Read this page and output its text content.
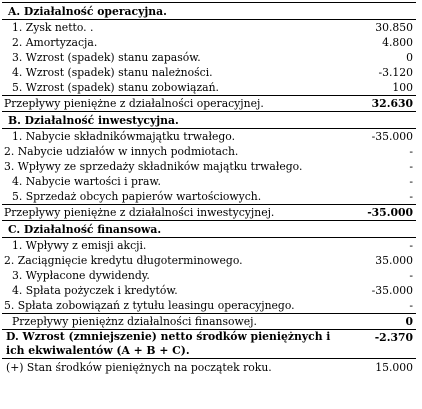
A. Działalność operacyjna.	
1. Zysk netto. .	30.850
2. Amortyzacja.	4.800
3. Wzrost (spadek) stanu zapasów.	0
4. Wzrost (spadek) stanu należności.	-3.120
5. Wzrost (spadek) stanu zobowiązań.	100
Przepływy pieniężne z działalności operacyjnej.	32.630
B. Działalność inwestycyjna.	
1. Nabycie składnikówmajątku trwałego.	-35.000
2. Nabycie udziałów w innych podmiotach.	-
3. Wpływy ze sprzedaży składników majątku trwałego.	-
4. Nabycie wartości i praw.	-
5. Sprzedaż obcych papierów wartościowych.	-
Przepływy pieniężne z działalności inwestycyjnej.	-35.000
C. Działalność finansowa.	
1. Wpływy z emisji akcji.	-
2. Zaciągnięcie kredytu długoterminowego.	35.000
3. Wypłacone dywidendy.	-
4. Spłata pożyczek i kredytów.	-35.000
5. Spłata zobowiązań z tytułu leasingu operacyjnego.	-
Przepływy pieniężnz działalności finansowej.	0
D. Wzrost (zmniejszenie) netto środków pieniężnych i ich ekwiwalentów (A + B + C).	-2.370
(+) Stan środków pieniężnych na początek roku.	15.000
